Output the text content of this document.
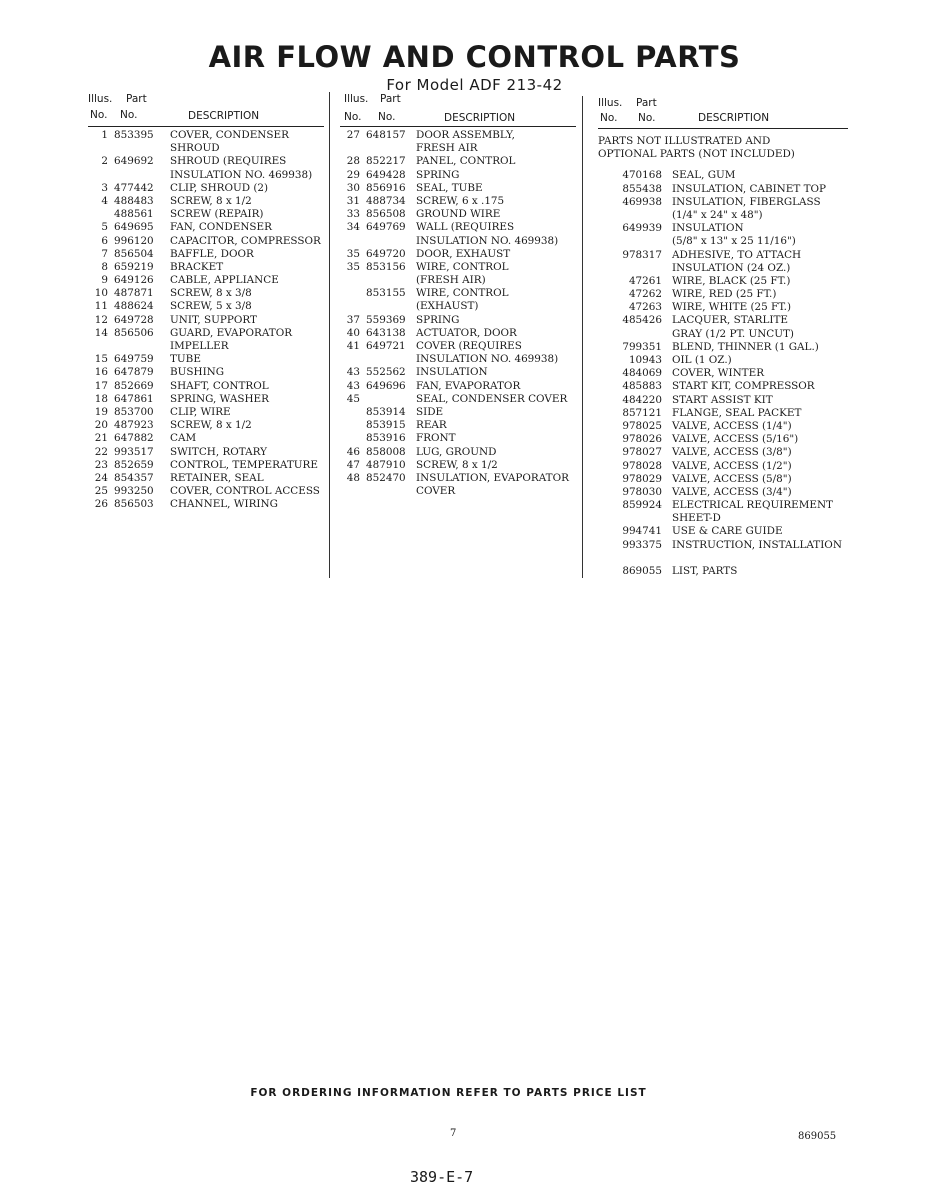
AIR FLOW AND CONTROL PARTS
For Model ADF 213-42
Illus. Part
No. No.	DESCRIPTION
1 853395 COVER, CONDENSER
SHROUD
2 649692 SHROUD (REQUIRES
INSULATION NO. 469938)
3 477442 CLIP, SHROUD (2)
4 488483 SCREW, 8 x 1/2
488561 SCREW (REPAIR)
5 649695 FAN, CONDENSER
6 996120 CAPACITOR, COMPRESSOR
7 856504 BAFFLE, DOOR
8 659219 BRACKET
9 649126 CABLE, APPLIANCE
10 487871 SCREW, 8 x 3/8
11 488624 SCREW, 5 x 3/8
12 649728 UNIT, SUPPORT
14 856506 GUARD, EVAPORATOR
IMPELLER
15 649759 TUBE
16 647879 BUSHING
17 852669 SHAFT, CONTROL
18 647861 SPRING, WASHER
19 853700 CLIP, WIRE
20 487923 SCREW, 8 x 1/2
21 647882 CAM
22 993517 SWITCH, ROTARY
23 852659 CONTROL, TEMPERATURE
24 854357 RETAINER, SEAL
25 993250 COVER, CONTROL ACCESS
26 856503 CHANNEL, WIRING
Illus. Part
No. No.	DESCRIPTION
27 648157 DOOR ASSEMBLY,
FRESH AIR
28 852217 PANEL, CONTROL
29 649428 SPRING
30 856916 SEAL, TUBE
31 488734 SCREW, 6 x .175
33 856508 GROUND WIRE
34 649769 WALL (REQUIRES
INSULATION NO. 469938)
35 649720 DOOR, EXHAUST
35 853156 WIRE, CONTROL
(FRESH AIR)
853155 WIRE, CONTROL
(EXHAUST)
37 559369 SPRING
40 643138 ACTUATOR, DOOR
41 649721 COVER (REQUIRES
INSULATION NO. 469938)
43 552562 INSULATION
43 649696 FAN, EVAPORATOR
45	SEAL, CONDENSER COVER
853914 SIDE
853915 REAR
853916 FRONT
46 858008 LUG, GROUND
47 487910 SCREW, 8 x 1/2
48 852470 INSULATION, EVAPORATOR
COVER
Illus. Part
No. No.	DESCRIPTION
PARTS NOT ILLUSTRATED AND
OPTIONAL PARTS (NOT INCLUDED)
470168 SEAL, GUM
855438 INSULATION, CABINET TOP
469938 INSULATION, FIBERGLASS
(1/4" x 24" x 48")
649939 INSULATION
(5/8" x 13" x 25 11/16")
978317 ADHESIVE, TO ATTACH
INSULATION (24 OZ.)
47261 WIRE, BLACK (25 FT.)
47262 WIRE, RED (25 FT.)
47263 WIRE, WHITE (25 FT.)
485426 LACQUER, STARLITE
GRAY (1/2 PT. UNCUT)
799351 BLEND, THINNER (1 GAL.)
10943 OIL (1 OZ.)
484069 COVER, WINTER
485883 START KIT, COMPRESSOR
484220 START ASSIST KIT
857121 FLANGE, SEAL PACKET
978025 VALVE, ACCESS (1/4")
978026 VALVE, ACCESS (5/16")
978027 VALVE, ACCESS (3/8")
978028 VALVE, ACCESS (1/2")
978029 VALVE, ACCESS (5/8")
978030 VALVE, ACCESS (3/4")
859924 ELECTRICAL REQUIREMENT
SHEET-D
994741 USE & CARE GUIDE
993375 INSTRUCTION, INSTALLATION
869055 LIST, PARTS
FOR ORDERING INFORMATION REFER TO PARTS PRICE LIST
7	869055
389-E-7
